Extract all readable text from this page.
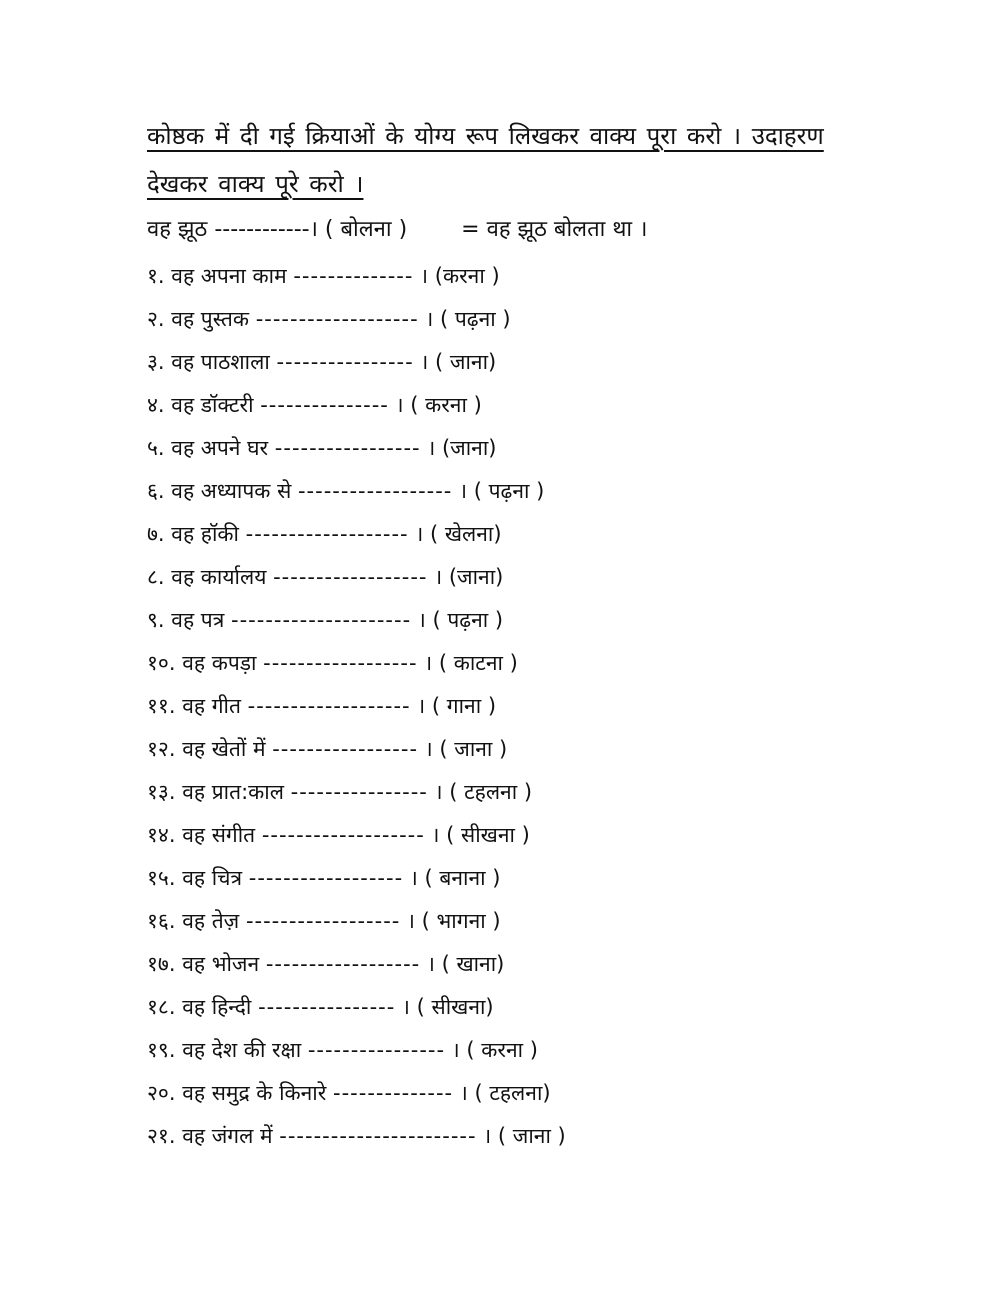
कोष्ठक में दी गई क्रियाओं के योग्य रूप लिखकर वाक्य पूरा करो । उदाहरण देखकर वाक्य पूरे करो ।
वह झूठ ------------। ( बोलना ) = वह झूठ बोलता था ।
१. वह अपना काम -------------- । (करना )
२. वह पुस्तक ------------------- । ( पढ़ना )
३. वह पाठशाला ---------------- । ( जाना)
४. वह डॉक्टरी --------------- । ( करना )
५. वह अपने घर ----------------- । (जाना)
६. वह अध्यापक से ------------------ । ( पढ़ना )
७. वह हॉकी ------------------- । ( खेलना)
८. वह कार्यालय ------------------ । (जाना)
९. वह पत्र --------------------- । ( पढ़ना )
१०. वह कपड़ा ------------------ । ( काटना )
११. वह गीत ------------------- । ( गाना )
१२. वह खेतों में ----------------- । ( जाना )
१३. वह प्रात:काल ---------------- । ( टहलना )
१४. वह संगीत ------------------- । ( सीखना )
१५. वह चित्र ------------------ । ( बनाना )
१६. वह तेज़ ------------------ । ( भागना )
१७. वह भोजन ------------------ । ( खाना)
१८. वह हिन्दी ---------------- । ( सीखना)
१९. वह देश की रक्षा ---------------- । ( करना )
२०. वह समुद्र के किनारे -------------- । ( टहलना)
२१. वह जंगल में ----------------------- । ( जाना )
